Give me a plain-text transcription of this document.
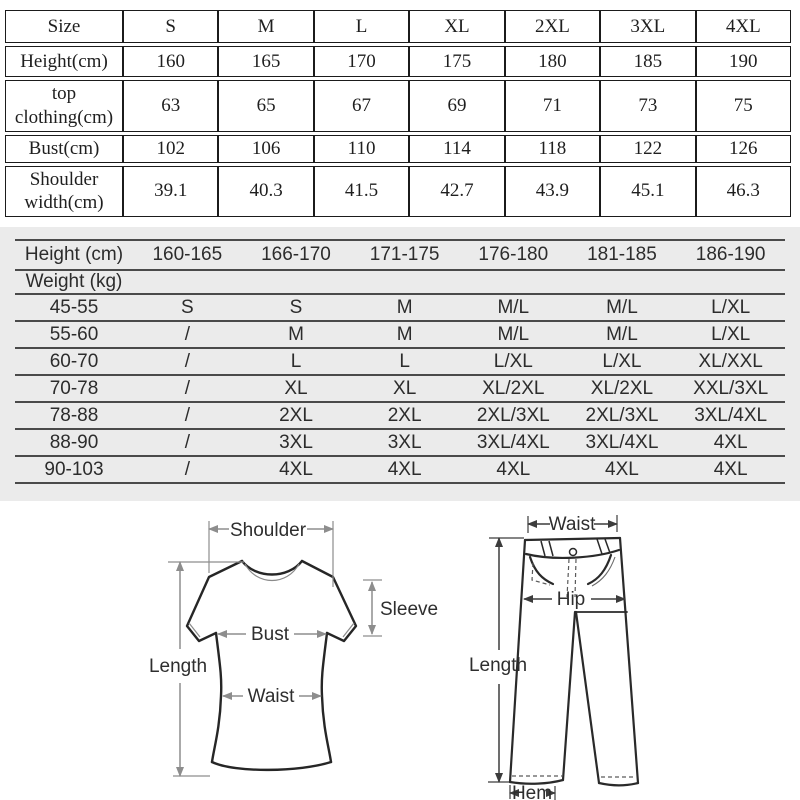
Size	S	M	L	XL	2XL	3XL	4XL
Height(cm)	160	165	170	175	180	185	190
top clothing(cm)	63	65	67	69	71	73	75
Bust(cm)	102	106	110	114	118	122	126
Shoulder width(cm)	39.1	40.3	41.5	42.7	43.9	45.1	46.3
Height (cm)	160-165	166-170	171-175	176-180	181-185	186-190
Weight (kg)						
45-55	S	S	M	M/L	M/L	L/XL
55-60	/	M	M	M/L	M/L	L/XL
60-70	/	L	L	L/XL	L/XL	XL/XXL
70-78	/	XL	XL	XL/2XL	XL/2XL	XXL/3XL
78-88	/	2XL	2XL	2XL/3XL	2XL/3XL	3XL/4XL
88-90	/	3XL	3XL	3XL/4XL	3XL/4XL	4XL
90-103	/	4XL	4XL	4XL	4XL	4XL
Shoulder
Length
Bust
Waist
Sleeve
Waist
Hip
Length
Hem
